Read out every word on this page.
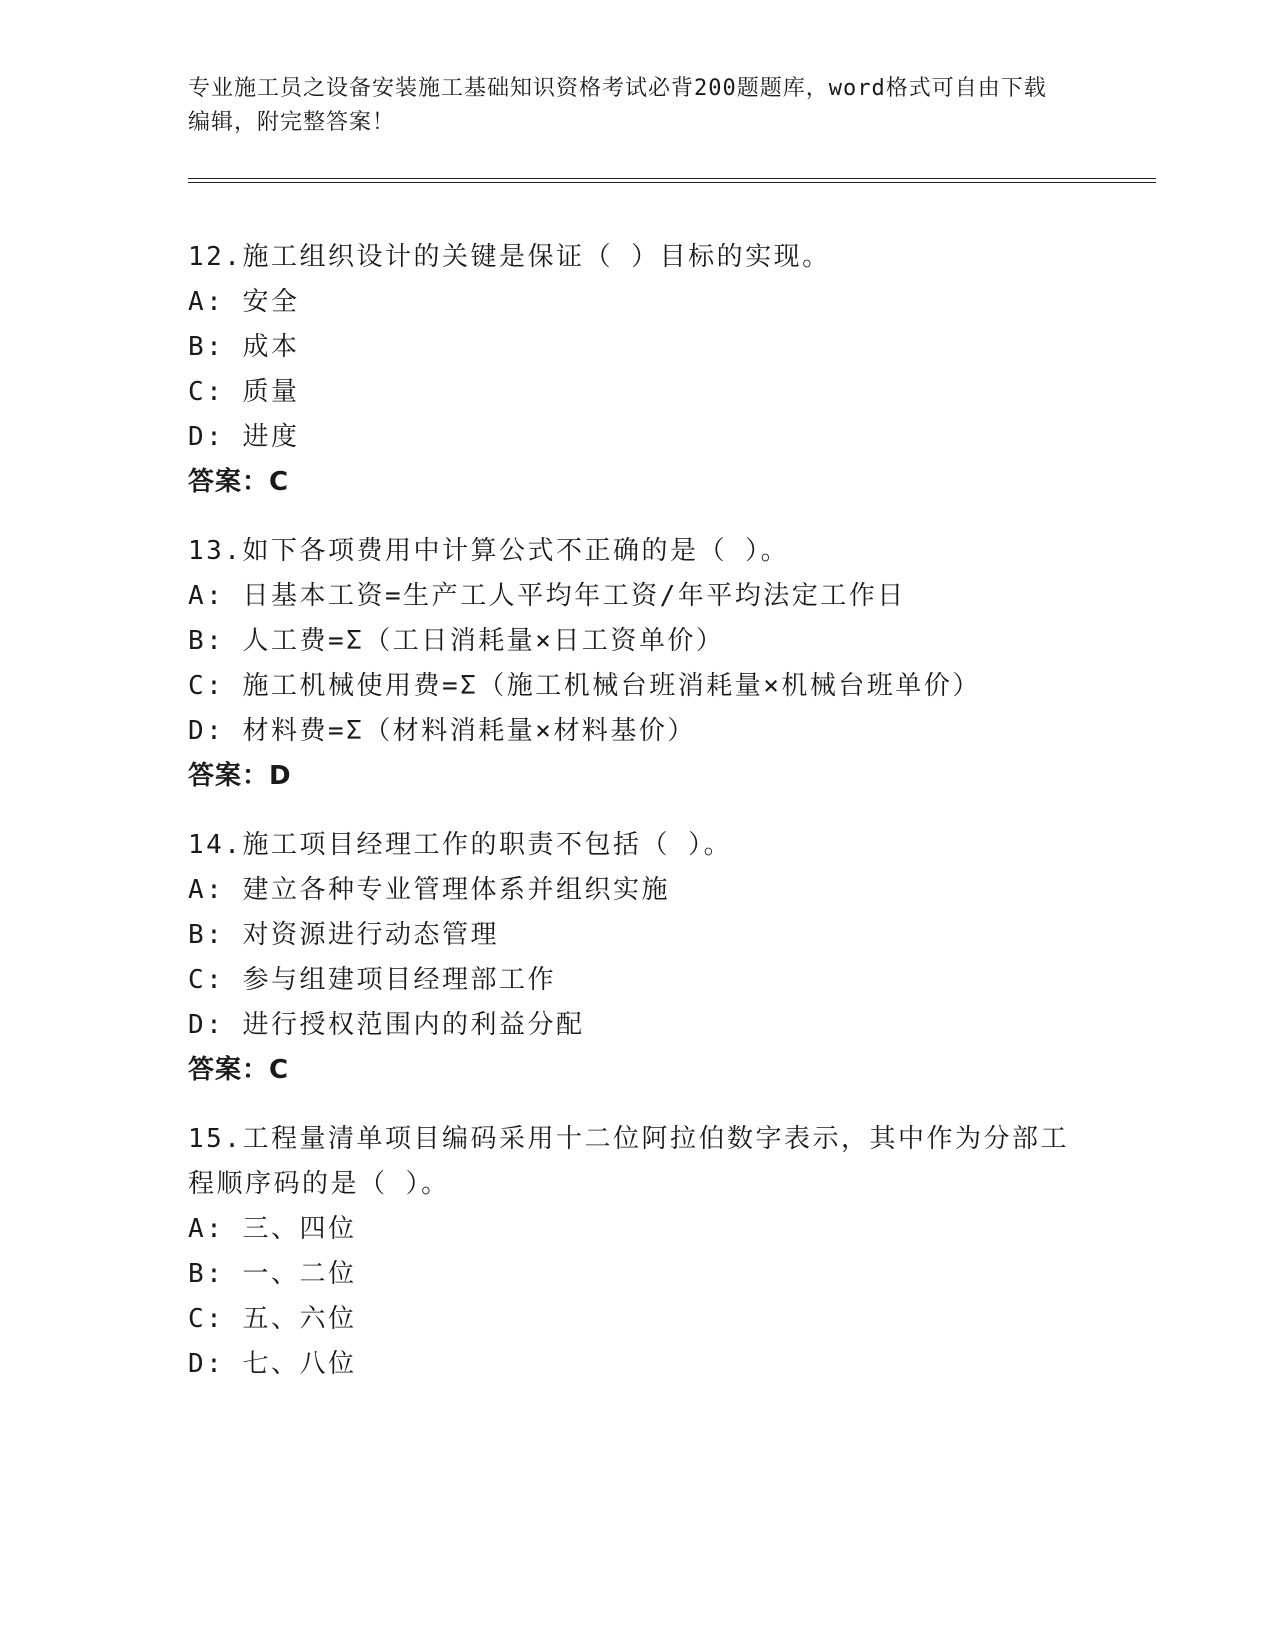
专业施工员之设备安装施工基础知识资格考试必背200题题库，word格式可自由下载编辑，附完整答案！
12.施工组织设计的关键是保证（ ）目标的实现。
A: 安全
B: 成本
C: 质量
D: 进度
答案：C
13.如下各项费用中计算公式不正确的是（ ）。
A: 日基本工资=生产工人平均年工资/年平均法定工作日
B: 人工费=Σ（工日消耗量×日工资单价）
C: 施工机械使用费=Σ（施工机械台班消耗量×机械台班单价）
D: 材料费=Σ（材料消耗量×材料基价）
答案：D
14.施工项目经理工作的职责不包括（ ）。
A: 建立各种专业管理体系并组织实施
B: 对资源进行动态管理
C: 参与组建项目经理部工作
D: 进行授权范围内的利益分配
答案：C
15.工程量清单项目编码采用十二位阿拉伯数字表示，其中作为分部工程顺序码的是（ ）。
A: 三、四位
B: 一、二位
C: 五、六位
D: 七、八位
